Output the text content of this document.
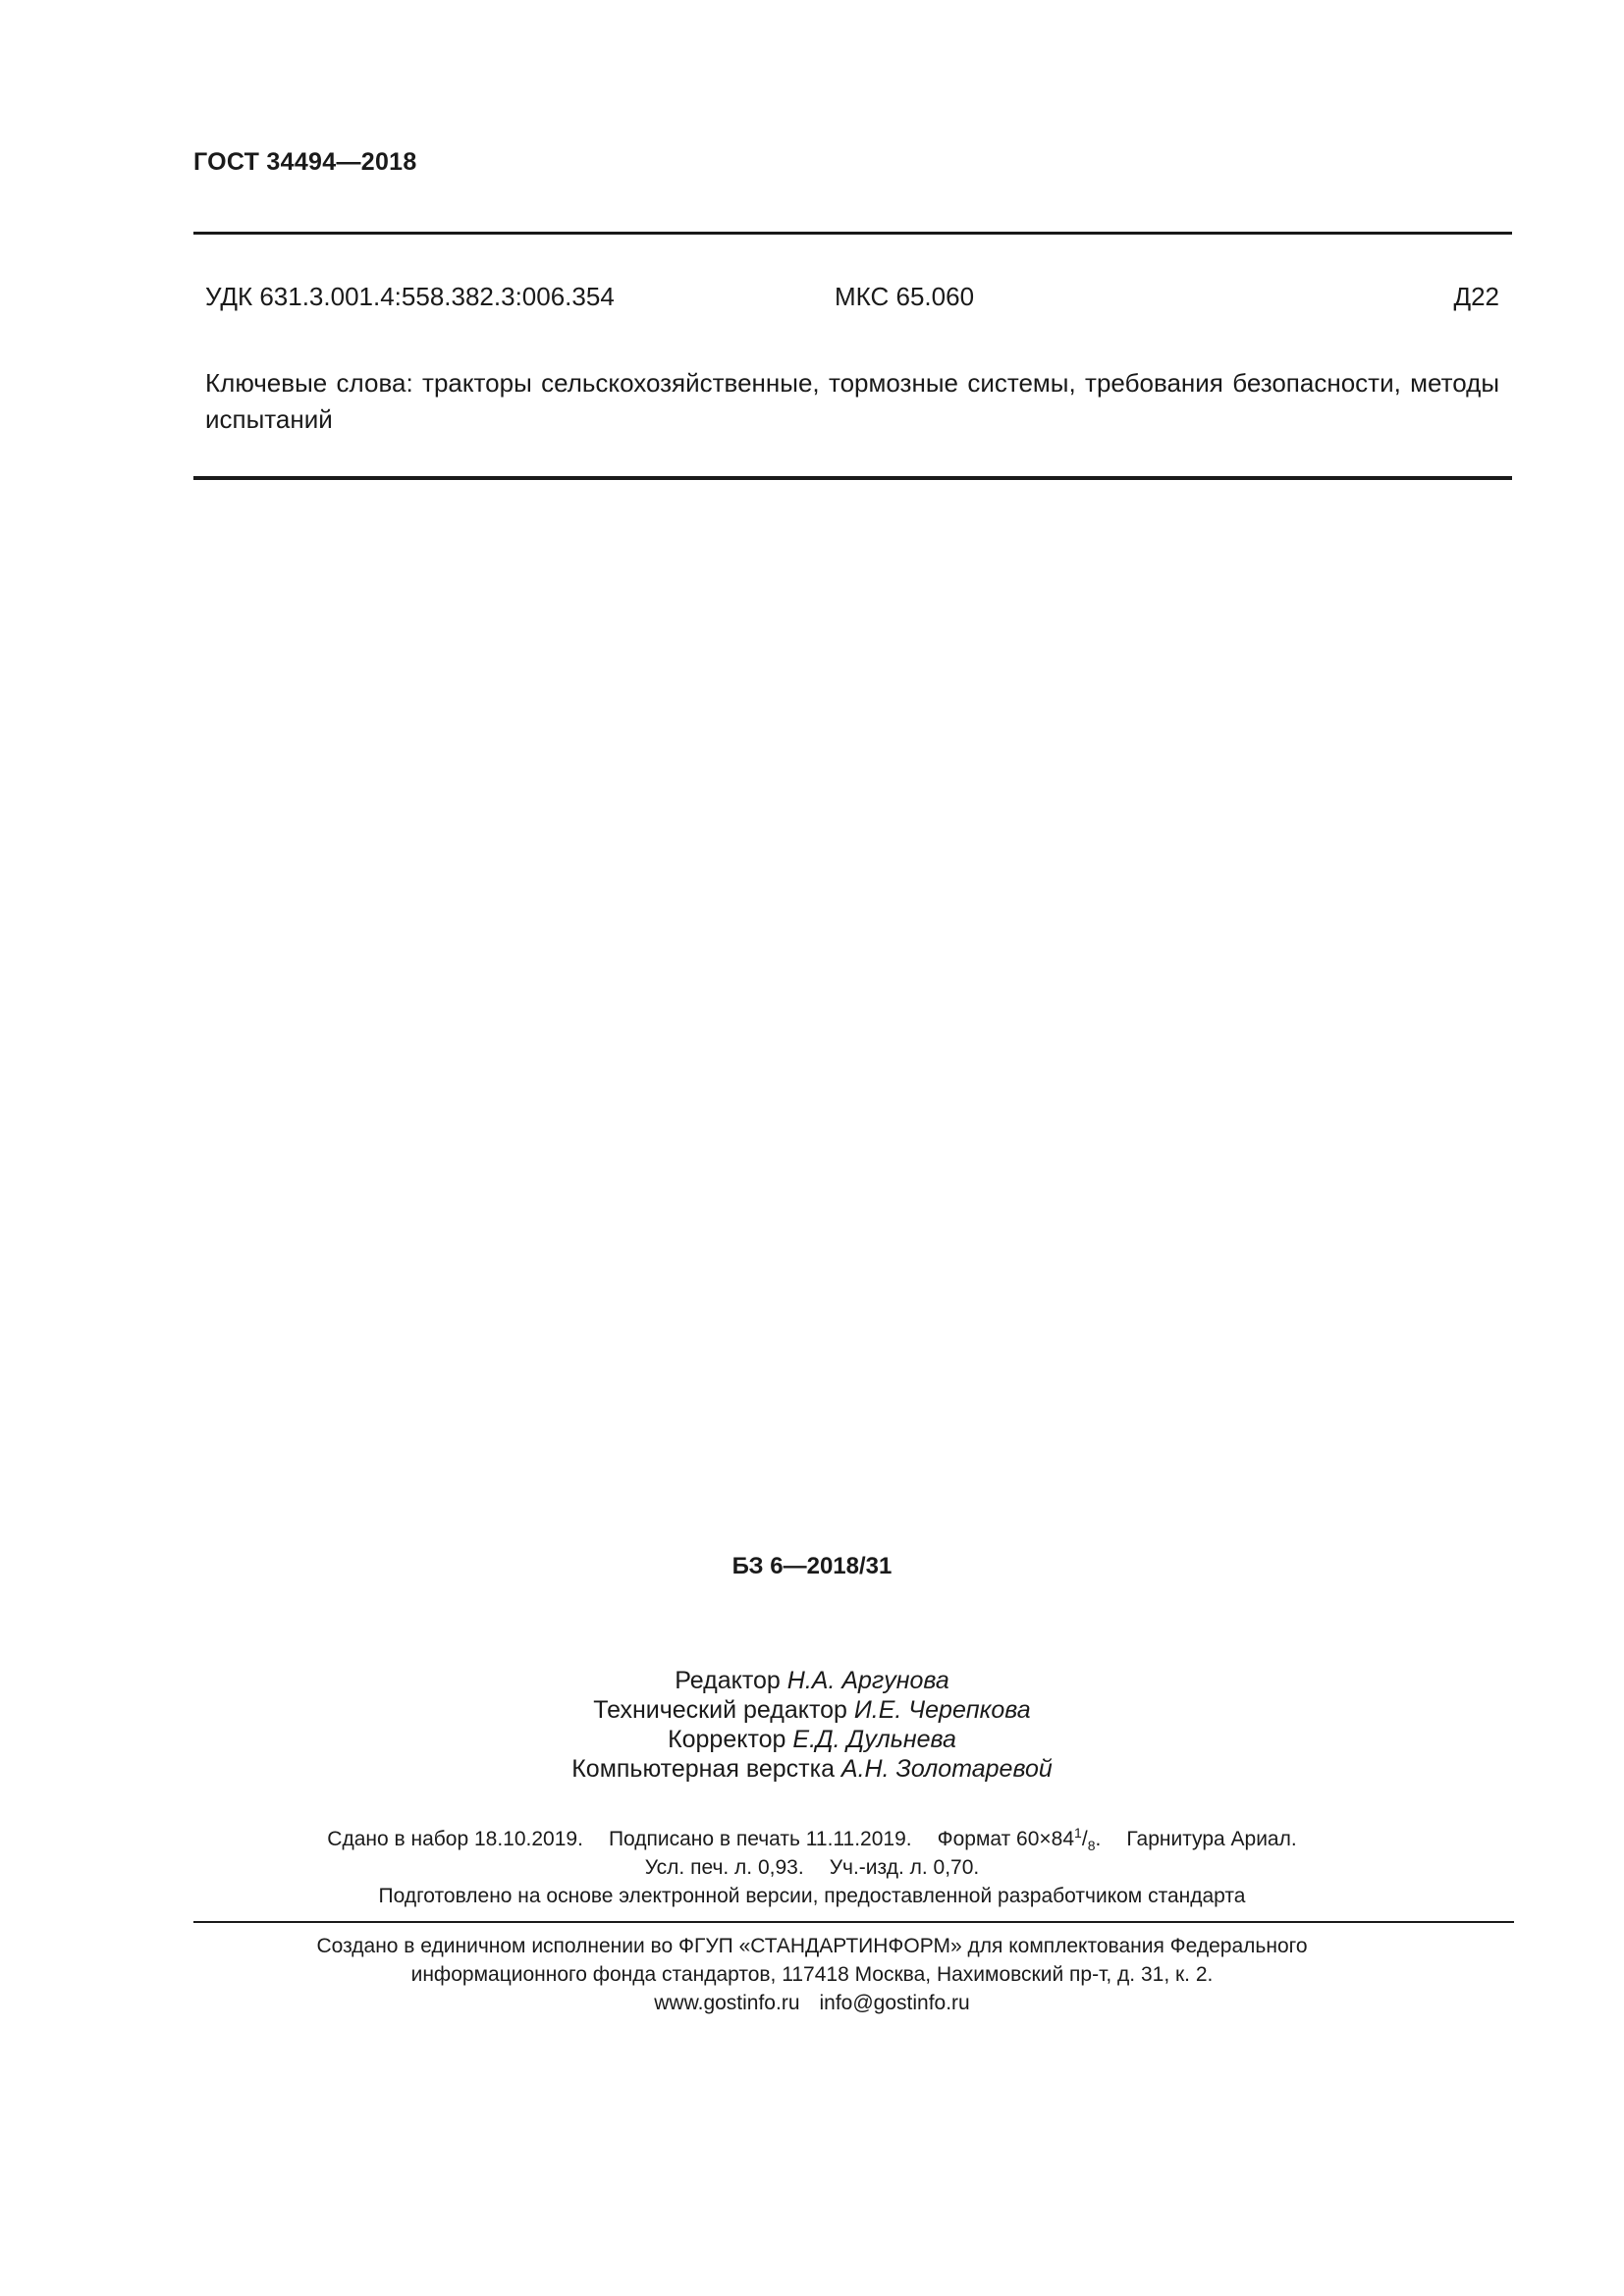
ГОСТ 34494—2018
УДК 631.3.001.4:558.382.3:006.354	МКС 65.060	Д22
Ключевые слова: тракторы сельскохозяйственные, тормозные системы, требования безопасности, методы испытаний
БЗ 6—2018/31
Редактор Н.А. Аргунова
Технический редактор И.Е. Черепкова
Корректор Е.Д. Дульнева
Компьютерная верстка А.Н. Золотаревой
Сдано в набор 18.10.2019. Подписано в печать 11.11.2019. Формат $60\times 84^1/_8$. Гарнитура Ариал.
Усл. печ. л. 0,93. Уч.-изд. л. 0,70.
Подготовлено на основе электронной версии, предоставленной разработчиком стандарта
Создано в единичном исполнении во ФГУП «СТАНДАРТИНФОРМ» для комплектования Федерального
информационного фонда стандартов, 117418 Москва, Нахимовский пр-т, д. 31, к. 2.
www.gostinfo.ru info@gostinfo.ru
